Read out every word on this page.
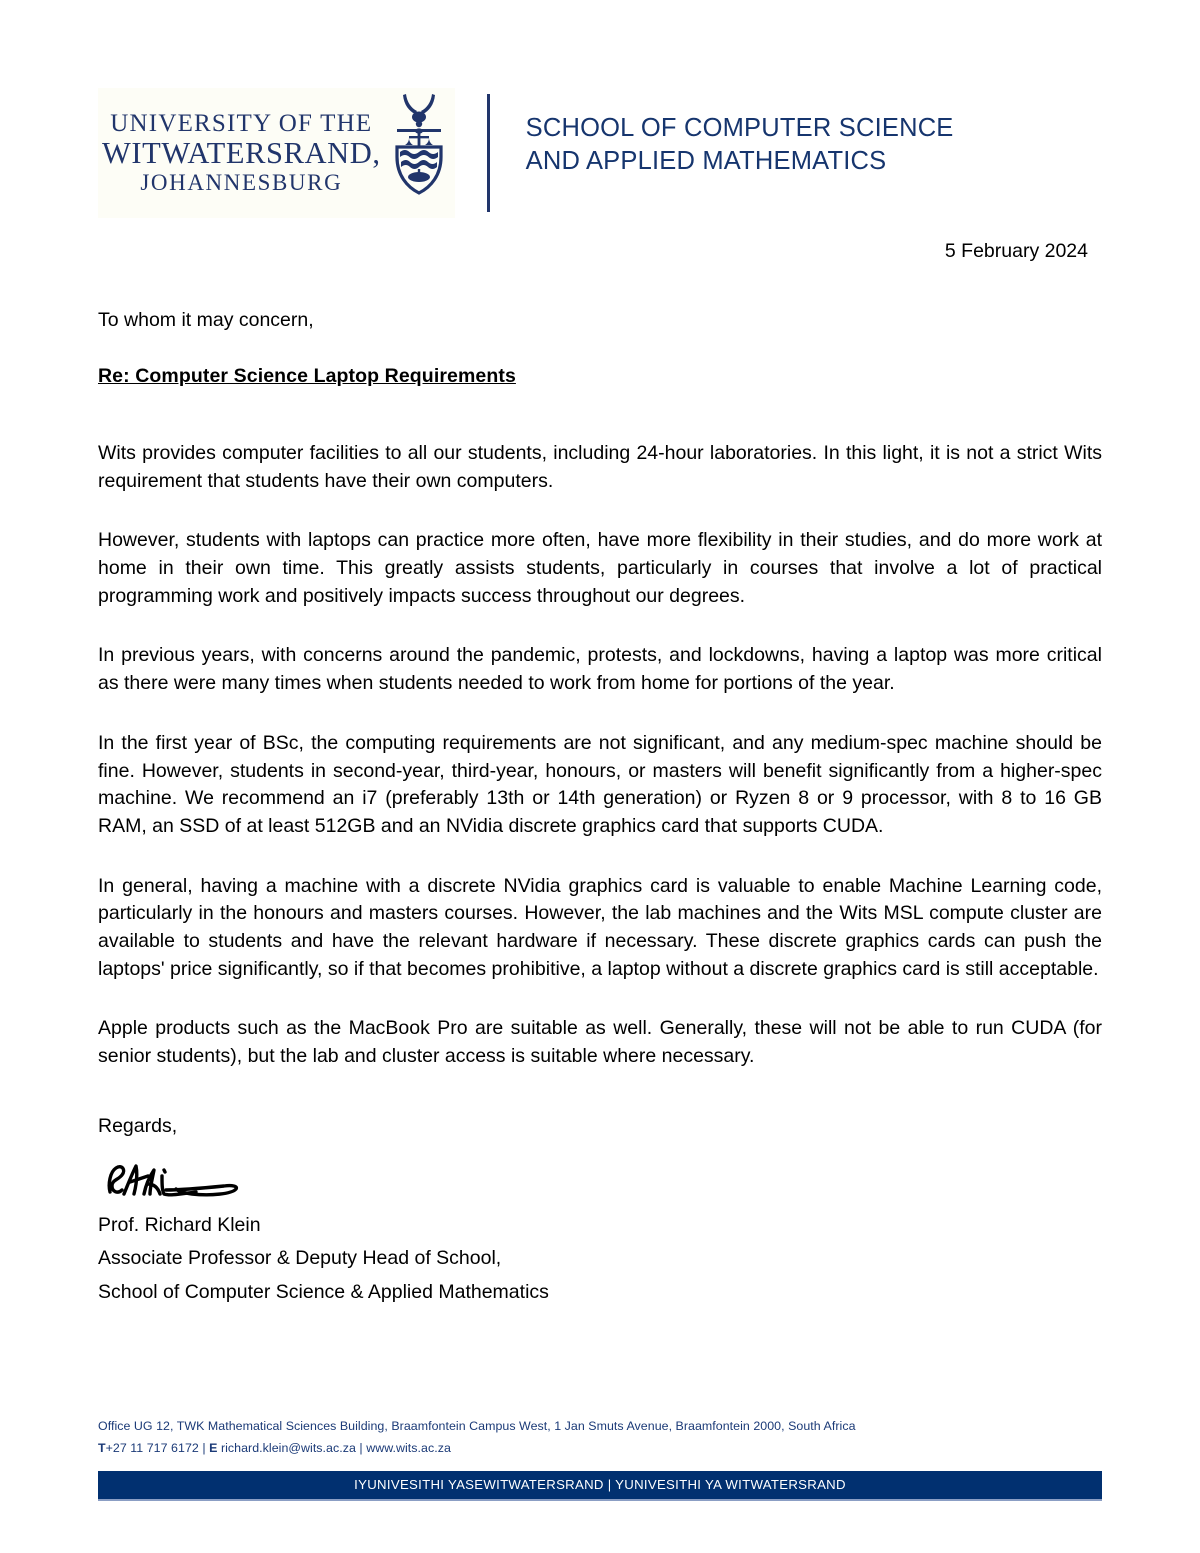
UNIVERSITY OF THE
WITWATERSRAND,
JOHANNESBURG
SCHOOL OF COMPUTER SCIENCE
AND APPLIED MATHEMATICS
5 February 2024
To whom it may concern,
Re: Computer Science Laptop Requirements

Wits provides computer facilities to all our students, including 24-hour laboratories. In this light, it is not a strict Wits requirement that students have their own computers.

However, students with laptops can practice more often, have more flexibility in their studies, and do more work at home in their own time. This greatly assists students, particularly in courses that involve a lot of practical programming work and positively impacts success throughout our degrees.

In previous years, with concerns around the pandemic, protests, and lockdowns, having a laptop was more critical as there were many times when students needed to work from home for portions of the year.

In the first year of BSc, the computing requirements are not significant, and any medium-spec machine should be fine. However, students in second-year, third-year, honours, or masters will benefit significantly from a higher-spec machine. We recommend an i7 (preferably 13th or 14th generation) or Ryzen 8 or 9 processor, with 8 to 16 GB RAM, an SSD of at least 512GB and an NVidia discrete graphics card that supports CUDA.

In general, having a machine with a discrete NVidia graphics card is valuable to enable Machine Learning code, particularly in the honours and masters courses. However, the lab machines and the Wits MSL compute cluster are available to students and have the relevant hardware if necessary. These discrete graphics cards can push the laptops' price significantly, so if that becomes prohibitive, a laptop without a discrete graphics card is still acceptable.

Apple products such as the MacBook Pro are suitable as well. Generally, these will not be able to run CUDA (for senior students), but the lab and cluster access is suitable where necessary.

Regards,
Prof. Richard Klein
Associate Professor & Deputy Head of School,
School of Computer Science & Applied Mathematics
Office UG 12, TWK Mathematical Sciences Building, Braamfontein Campus West, 1 Jan Smuts Avenue, Braamfontein 2000, South Africa
T+27 11 717 6172 | E richard.klein@wits.ac.za | www.wits.ac.za
IYUNIVESITHI YASEWITWATERSRAND | YUNIVESITHI YA WITWATERSRAND
